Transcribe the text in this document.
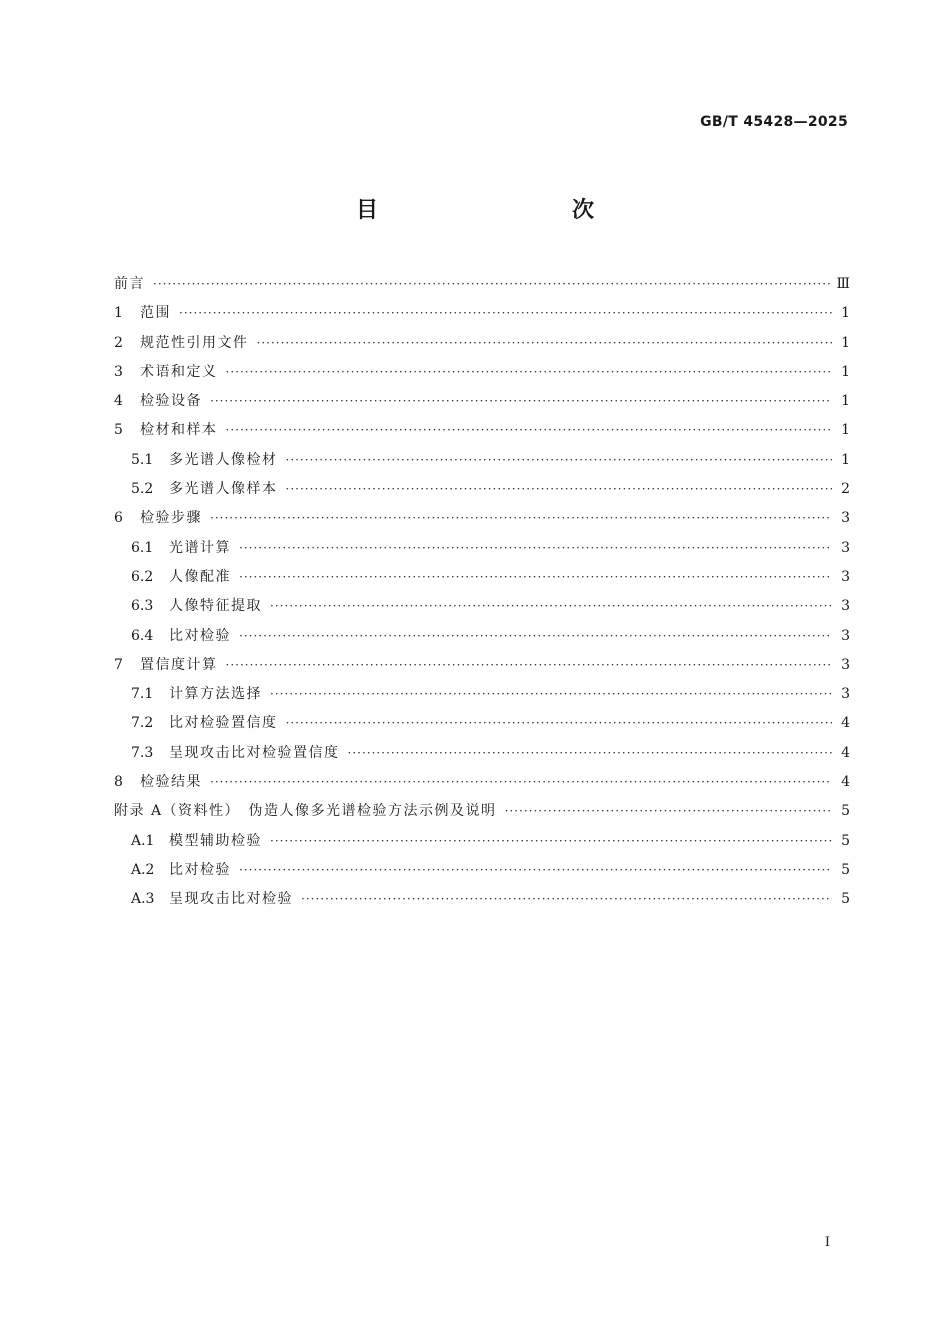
GB/T 45428—2025
目　　次
前言 ·····	Ⅲ
1	范围 ·····	1
2	规范性引用文件 ·····	1
3	术语和定义 ·····	1
4	检验设备 ·····	1
5	检材和样本 ·····	1
5.1	多光谱人像检材 ·····	1
5.2	多光谱人像样本 ·····	2
6	检验步骤 ·····	3
6.1	光谱计算 ·····	3
6.2	人像配准 ·····	3
6.3	人像特征提取 ·····	3
6.4	比对检验 ·····	3
7	置信度计算 ·····	3
7.1	计算方法选择 ·····	3
7.2	比对检验置信度 ·····	4
7.3	呈现攻击比对检验置信度 ·····	4
8	检验结果 ·····	4
附录 A（资料性）　伪造人像多光谱检验方法示例及说明 ·····	5
A.1	模型辅助检验 ·····	5
A.2	比对检验 ·····	5
A.3	呈现攻击比对检验 ·····	5
I
